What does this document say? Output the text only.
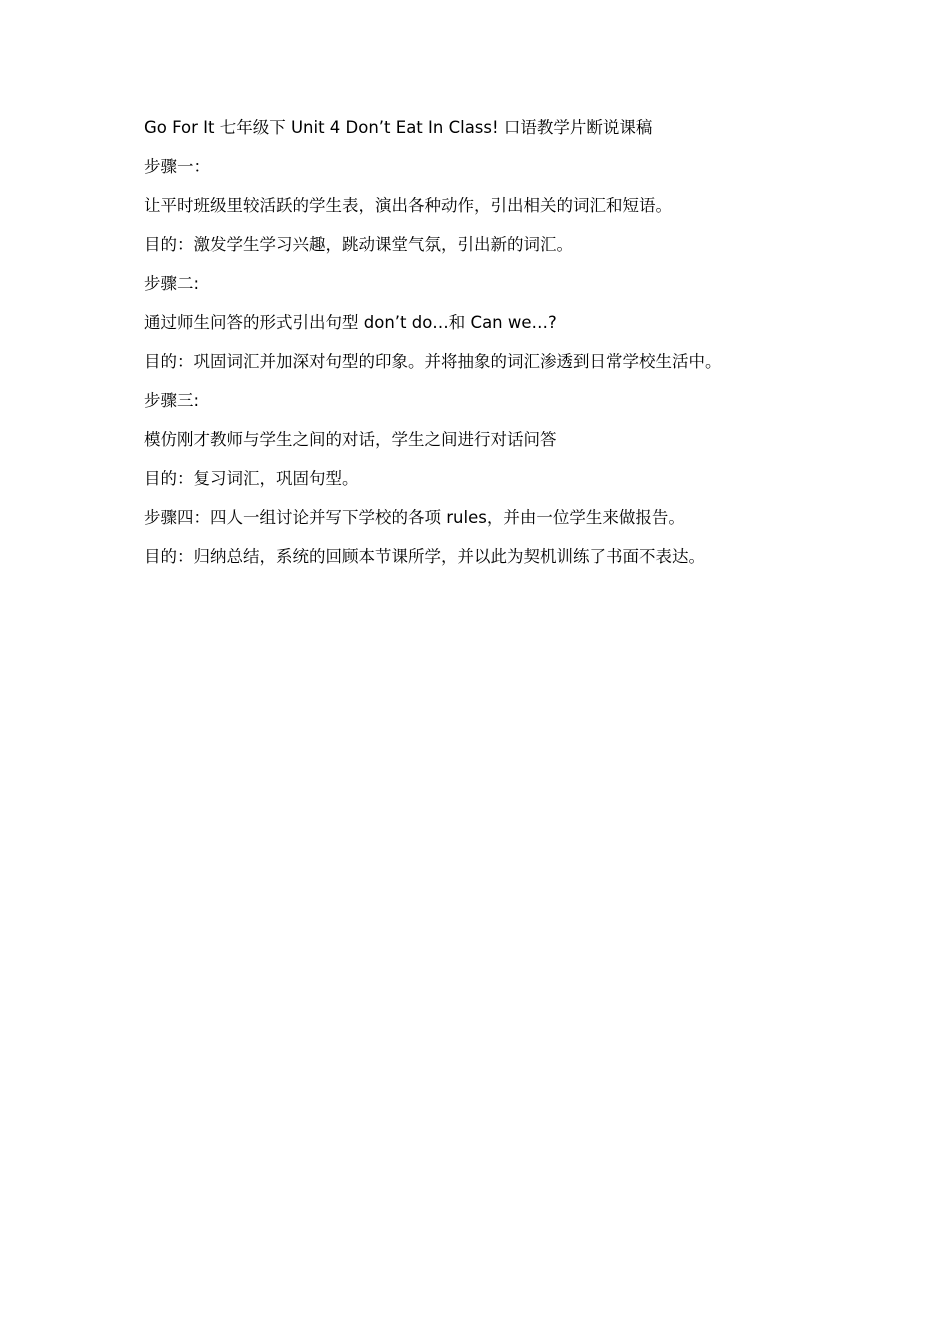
Go For It 七年级下 Unit 4 Don’t Eat In Class! 口语教学片断说课稿
步骤一：
让平时班级里较活跃的学生表，演出各种动作，引出相关的词汇和短语。
目的：激发学生学习兴趣，跳动课堂气氛，引出新的词汇。
步骤二:
通过师生问答的形式引出句型 don’t do…和 Can we…?
目的：巩固词汇并加深对句型的印象。并将抽象的词汇渗透到日常学校生活中。
步骤三:
模仿刚才教师与学生之间的对话，学生之间进行对话问答
目的：复习词汇，巩固句型。
步骤四：四人一组讨论并写下学校的各项 rules，并由一位学生来做报告。
目的：归纳总结，系统的回顾本节课所学，并以此为契机训练了书面不表达。
